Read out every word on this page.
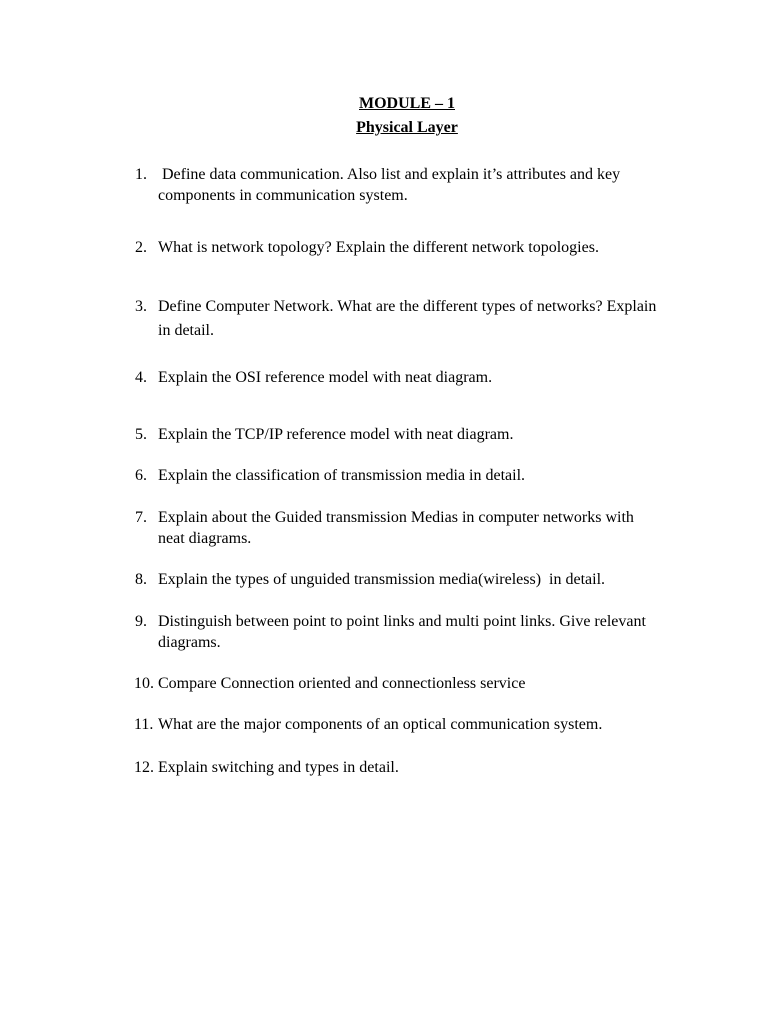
MODULE – 1
Physical Layer
1. Define data communication. Also list and explain it’s attributes and key components in communication system.
2. What is network topology? Explain the different network topologies.
3. Define Computer Network. What are the different types of networks? Explain in detail.
4. Explain the OSI reference model with neat diagram.
5. Explain the TCP/IP reference model with neat diagram.
6. Explain the classification of transmission media in detail.
7. Explain about the Guided transmission Medias in computer networks with neat diagrams.
8. Explain the types of unguided transmission media(wireless)  in detail.
9. Distinguish between point to point links and multi point links. Give relevant diagrams.
10. Compare Connection oriented and connectionless service
11. What are the major components of an optical communication system.
12. Explain switching and types in detail.
